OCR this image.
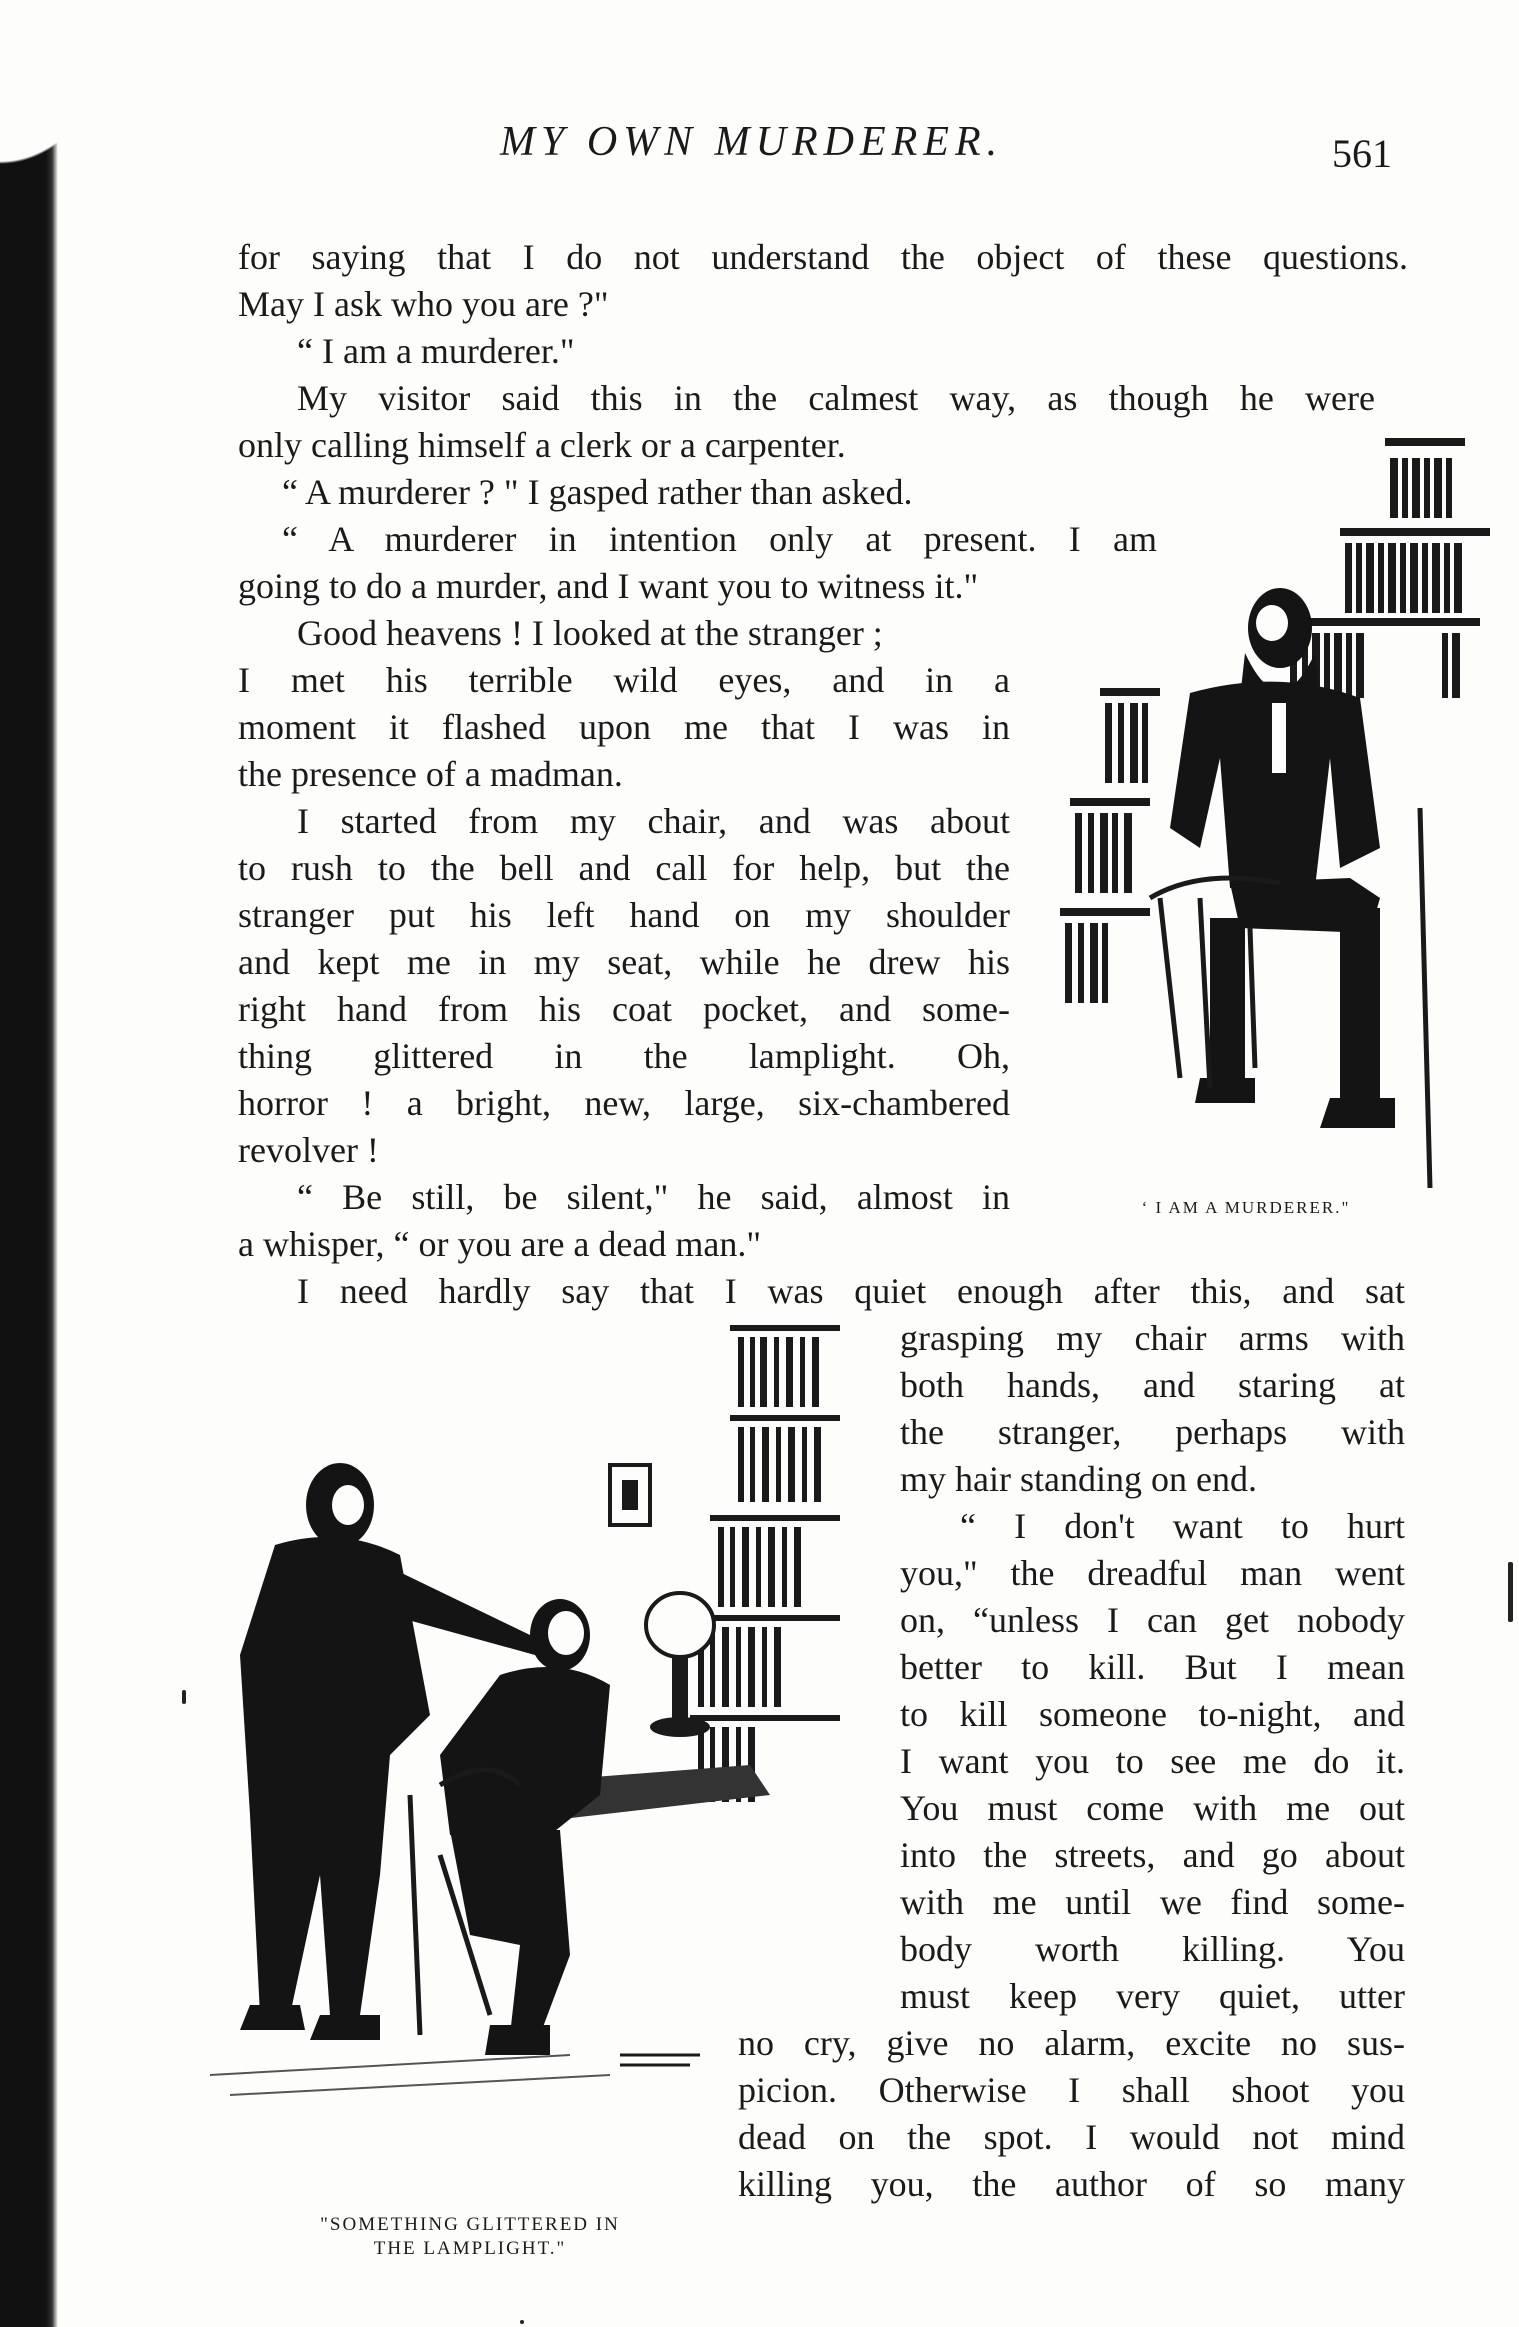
MY OWN MURDERER.	561
for saying that I do not understand the object of these questions.
May I ask who you are ?"
“ I am a murderer."
My visitor said this in the calmest way, as though he were
only calling himself a clerk or a carpenter.
“ A murderer ? " I gasped rather than asked.
“ A murderer in intention only at present. I am
going to do a murder, and I want you to witness it."
Good heavens ! I looked at the stranger ;
I met his terrible wild eyes, and in a
moment it flashed upon me that I was in
the presence of a madman.
I started from my chair, and was about
to rush to the bell and call for help, but the
stranger put his left hand on my shoulder
and kept me in my seat, while he drew his
right hand from his coat pocket, and some-
thing glittered in the lamplight. Oh,
horror ! a bright, new, large, six-chambered
revolver !
“ Be still, be silent," he said, almost in
a whisper, “ or you are a dead man."
I need hardly say that I was quiet enough after this, and sat
grasping my chair arms with
both hands, and staring at
the stranger, perhaps with
my hair standing on end.
“ I don't want to hurt
you," the dreadful man went
on, “unless I can get nobody
better to kill. But I mean
to kill someone to-night, and
I want you to see me do it.
You must come with me out
into the streets, and go about
with me until we find some-
body worth killing. You
must keep very quiet, utter
no cry, give no alarm, excite no sus-
picion. Otherwise I shall shoot you
dead on the spot. I would not mind
killing you, the author of so many
‘ I AM A MURDERER."
"SOMETHING GLITTERED IN
THE LAMPLIGHT."
